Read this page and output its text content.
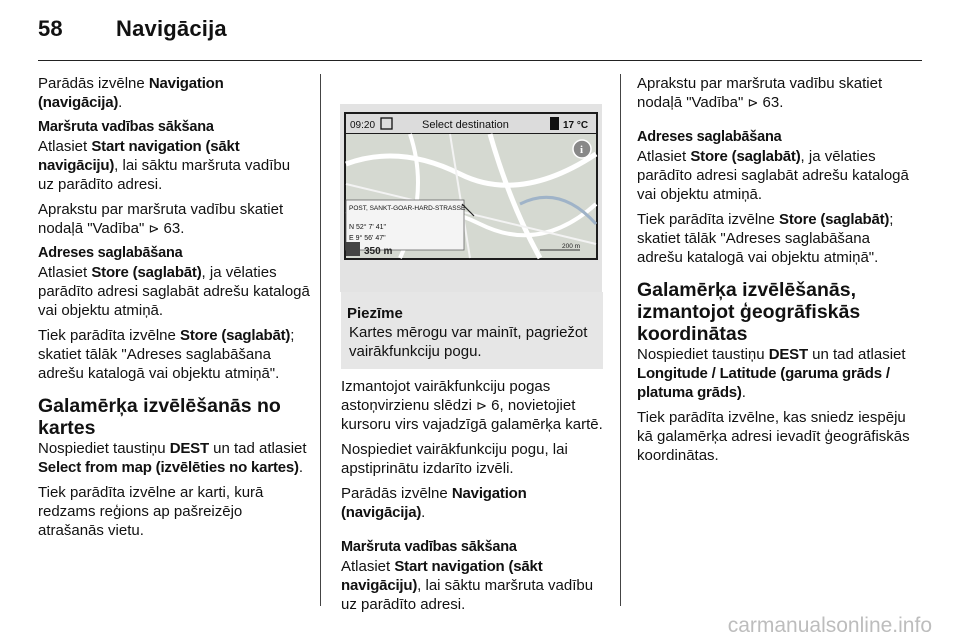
58 Navigācija

Parādās izvēlne Navigation (navigācija).

Maršruta vadības sākšana

Atlasiet Start navigation (sākt navigāciju), lai sāktu maršruta vadību uz parādīto adresi.

Aprakstu par maršruta vadību skatiet nodaļā "Vadība" ⊳ 63.

Adreses saglabāšana

Atlasiet Store (saglabāt), ja vēlaties parādīto adresi saglabāt adrešu katalogā vai objektu atmiņā.

Tiek parādīta izvēlne Store (saglabāt); skatiet tālāk "Adreses saglabāšana adrešu katalogā vai objektu atmiņā".

Galamērķa izvēlēšanās no kartes

Nospiediet taustiņu DEST un tad atlasiet Select from map (izvēlēties no kartes).

Tiek parādīta izvēlne ar karti, kurā redzams reģions ap pašreizējo atrašanās vietu.

09:20	Select destination	17 °C
i
POST, SANKT-GOAR-HARD-STRASSE
N 52° 7' 41"
E 9° 56' 47"
350 m	200 m
Piezīme
Kartes mērogu var mainīt, pagriežot vairākfunkciju pogu.

Izmantojot vairākfunkciju pogas astoņvirzienu slēdzi ⊳ 6, novietojiet kursoru virs vajadzīgā galamērķa kartē.

Nospiediet vairākfunkciju pogu, lai apstiprinātu izdarīto izvēli.

Parādās izvēlne Navigation (navigācija).

Maršruta vadības sākšana

Atlasiet Start navigation (sākt navigāciju), lai sāktu maršruta vadību uz parādīto adresi.

Aprakstu par maršruta vadību skatiet nodaļā "Vadība" ⊳ 63.

Adreses saglabāšana

Atlasiet Store (saglabāt), ja vēlaties parādīto adresi saglabāt adrešu katalogā vai objektu atmiņā.

Tiek parādīta izvēlne Store (saglabāt); skatiet tālāk "Adreses saglabāšana adrešu katalogā vai objektu atmiņā".

Galamērķa izvēlēšanās, izmantojot ģeogrāfiskās koordinātas

Nospiediet taustiņu DEST un tad atlasiet Longitude / Latitude (garuma grāds / platuma grāds).

Tiek parādīta izvēlne, kas sniedz iespēju kā galamērķa adresi ievadīt ģeogrāfiskās koordinātas.

carmanualsonline.info
